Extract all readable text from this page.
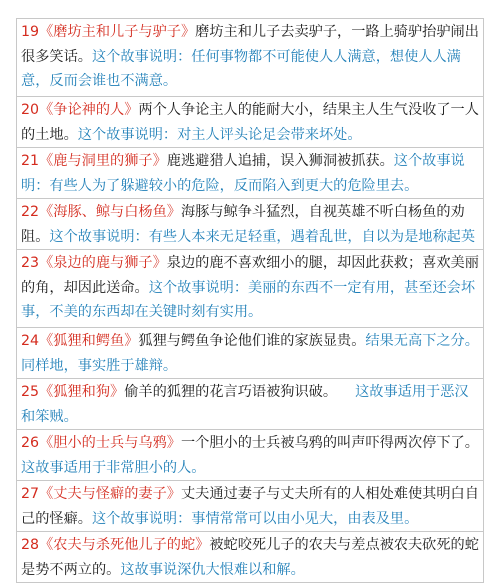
19《磨坊主和儿子与驴子》磨坊主和儿子去卖驴子，一路上骑驴抬驴闹出很多笑话。这个故事说明：任何事物都不可能使人人满意，想使人人满意，反而会谁也不满意。
20《争论神的人》两个人争论主人的能耐大小，结果主人生气没收了一人的土地。这个故事说明：对主人评头论足会带来坏处。
21《鹿与洞里的狮子》鹿逃避猎人追捕，误入狮洞被抓获。这个故事说明：有些人为了躲避较小的危险，反而陷入到更大的危险里去。
22《海豚、鲸与白杨鱼》海豚与鲸争斗猛烈，自视英雄不听白杨鱼的劝阻。这个故事说明：有些人本来无足轻重，遇着乱世，自以为是地称起英
23《泉边的鹿与狮子》泉边的鹿不喜欢细小的腿，却因此获救；喜欢美丽的角，却因此送命。这个故事说明：美丽的东西不一定有用，甚至还会坏事，不美的东西却在关键时刻有实用。
24《狐狸和鳄鱼》狐狸与鳄鱼争论他们谁的家族显贵。结果无高下之分。同样地，事实胜于雄辩。
25《狐狸和狗》偷羊的狐狸的花言巧语被狗识破。 这故事适用于恶汉和笨贼。
26《胆小的士兵与乌鸦》一个胆小的士兵被乌鸦的叫声吓得两次停下了。这故事适用于非常胆小的人。
27《丈夫与怪癖的妻子》丈夫通过妻子与丈夫所有的人相处难使其明白自己的怪癖。这个故事说明：事情常常可以由小见大，由表及里。
28《农夫与杀死他儿子的蛇》被蛇咬死儿子的农夫与差点被农夫砍死的蛇是势不两立的。这故事说深仇大恨难以和解。
